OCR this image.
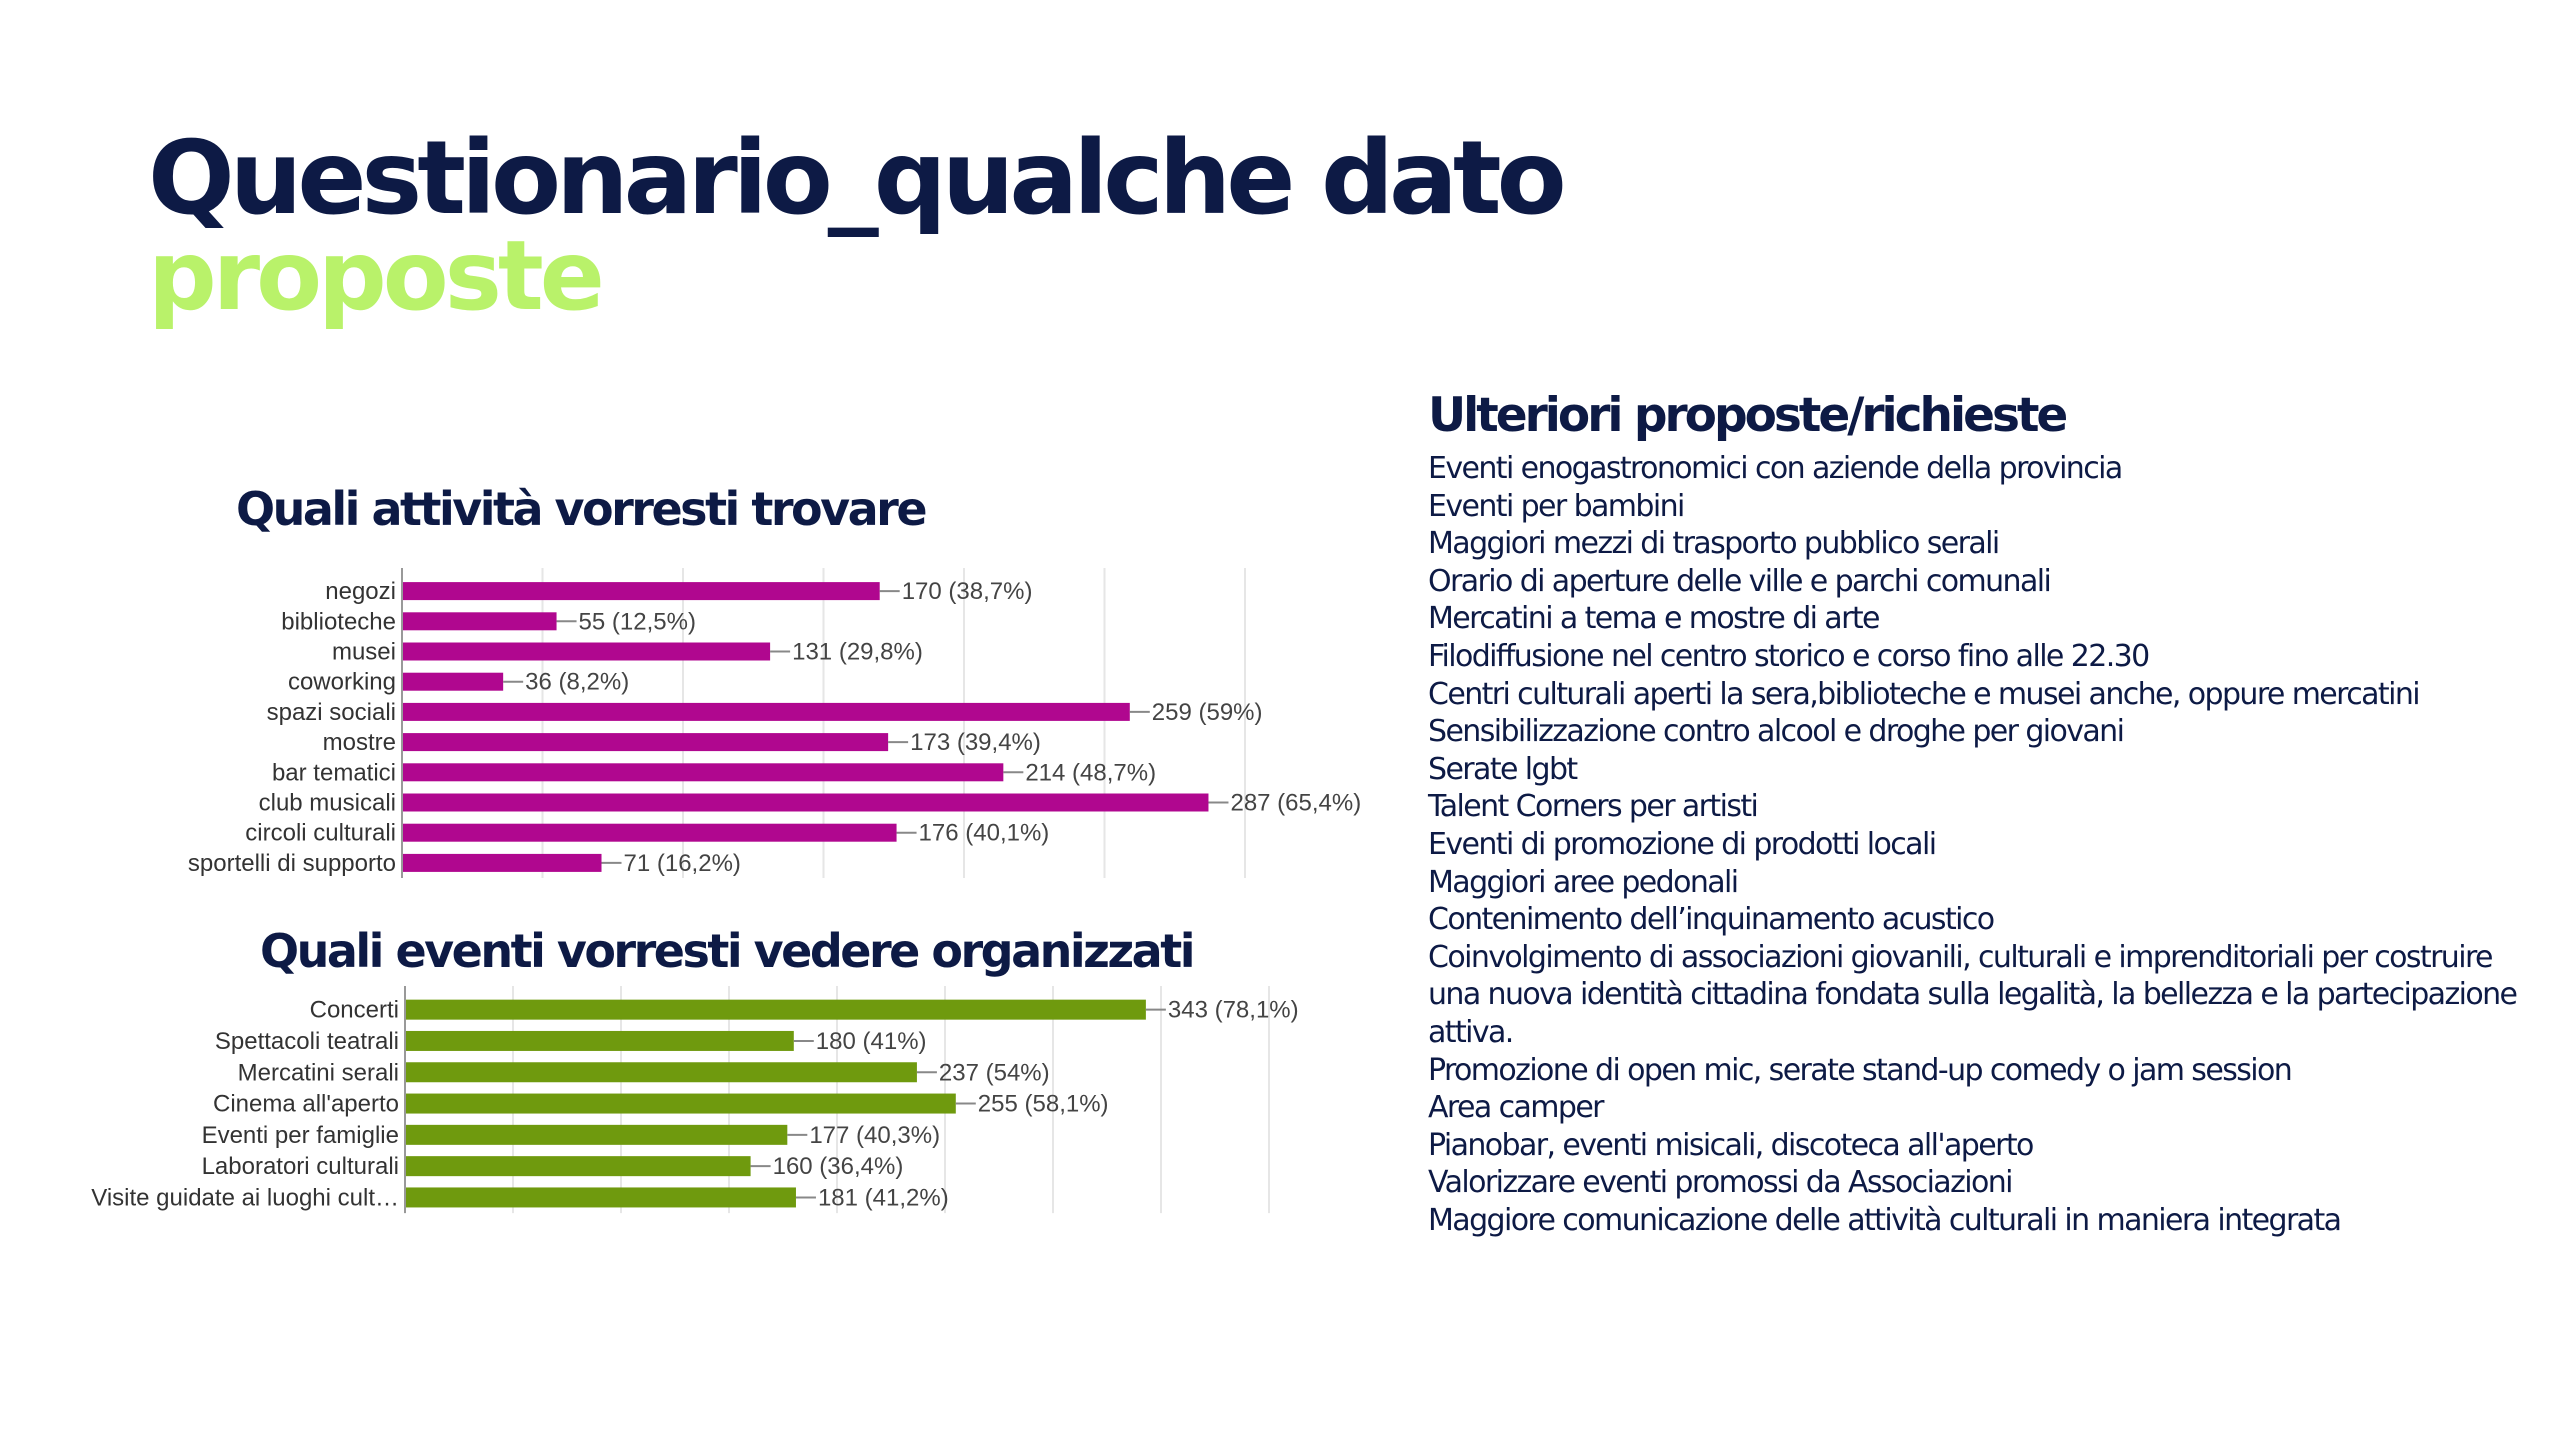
Questionario_qualche dato
proposte
Quali attività vorresti trovare
negozi	170 (38,7%)
biblioteche	55 (12,5%)
musei	131 (29,8%)
coworking	36 (8,2%)
spazi sociali	259 (59%)
mostre	173 (39,4%)
bar tematici	214 (48,7%)
club musicali	287 (65,4%)
circoli culturali	176 (40,1%)
sportelli di supporto	71 (16,2%)
Quali eventi vorresti vedere organizzati
Concerti	343 (78,1%)
Spettacoli teatrali	180 (41%)
Mercatini serali	237 (54%)
Cinema all'aperto	255 (58,1%)
Eventi per famiglie	177 (40,3%)
Laboratori culturali	160 (36,4%)
Visite guidate ai luoghi cult…	181 (41,2%)
Ulteriori proposte/richieste
Eventi enogastronomici con aziende della provincia
Eventi per bambini
Maggiori mezzi di trasporto pubblico serali
Orario di aperture delle ville e parchi comunali
Mercatini a tema e mostre di arte
Filodiffusione nel centro storico e corso fino alle 22.30
Centri culturali aperti la sera,biblioteche e musei anche, oppure mercatini
Sensibilizzazione contro alcool e droghe per giovani
Serate lgbt
Talent Corners per artisti
Eventi di promozione di prodotti locali
Maggiori aree pedonali
Contenimento dell’inquinamento acustico
Coinvolgimento di associazioni giovanili, culturali e imprenditoriali per costruire una nuova identità cittadina fondata sulla legalità, la bellezza e la partecipazione attiva.
Promozione di open mic, serate stand-up comedy o jam session
Area camper
Pianobar, eventi misicali, discoteca all'aperto
Valorizzare eventi promossi da Associazioni
Maggiore comunicazione delle attività culturali in maniera integrata
